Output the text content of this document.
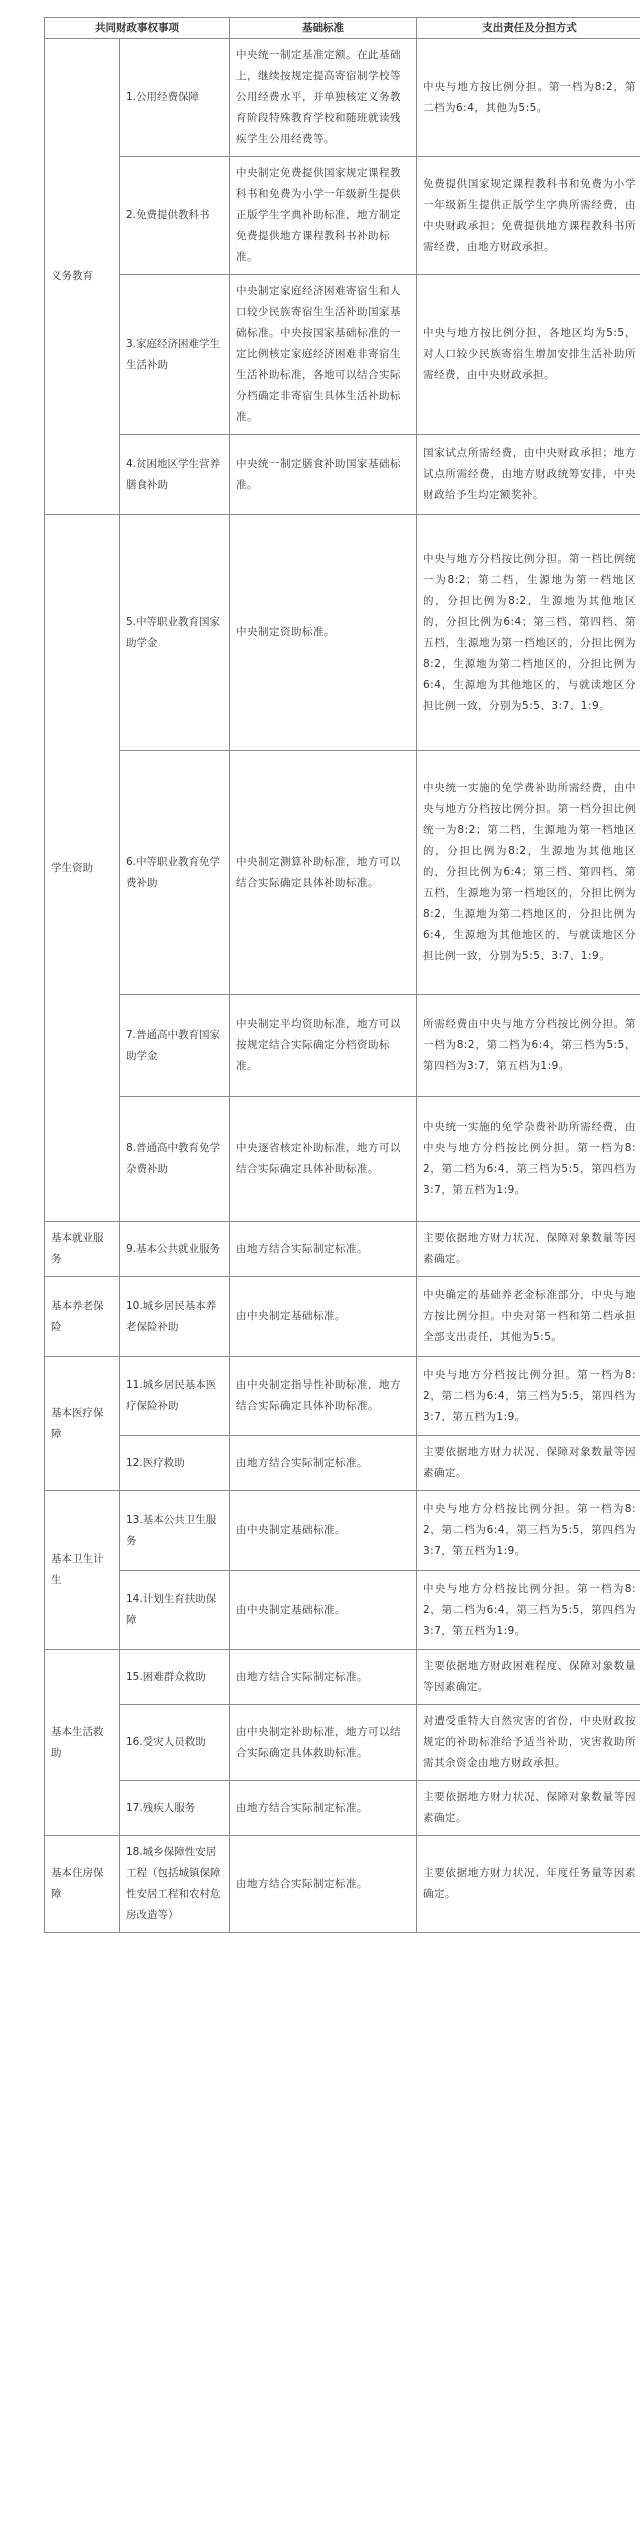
共同财政事权事项		基础标准	支出责任及分担方式
义务教育	1.公用经费保障	中央统一制定基准定额。在此基础上，继续按规定提高寄宿制学校等公用经费水平，并单独核定义务教育阶段特殊教育学校和随班就读残疾学生公用经费等。	中央与地方按比例分担。第一档为8:2，第二档为6:4，其他为5:5。
	2.免费提供教科书	中央制定免费提供国家规定课程教科书和免费为小学一年级新生提供正版学生字典补助标准，地方制定免费提供地方课程教科书补助标准。	免费提供国家规定课程教科书和免费为小学一年级新生提供正版学生字典所需经费，由中央财政承担；免费提供地方课程教科书所需经费，由地方财政承担。
	3.家庭经济困难学生生活补助	中央制定家庭经济困难寄宿生和人口较少民族寄宿生生活补助国家基础标准。中央按国家基础标准的一定比例核定家庭经济困难非寄宿生生活补助标准，各地可以结合实际分档确定非寄宿生具体生活补助标准。	中央与地方按比例分担，各地区均为5:5，对人口较少民族寄宿生增加安排生活补助所需经费，由中央财政承担。
	4.贫困地区学生营养膳食补助	中央统一制定膳食补助国家基础标准。	国家试点所需经费，由中央财政承担；地方试点所需经费，由地方财政统筹安排，中央财政给予生均定额奖补。
学生资助	5.中等职业教育国家助学金	中央制定资助标准。	中央与地方分档按比例分担。第一档比例统一为8:2；第二档，生源地为第一档地区的，分担比例为8:2，生源地为其他地区的，分担比例为6:4；第三档、第四档、第五档，生源地为第一档地区的，分担比例为8:2，生源地为第二档地区的，分担比例为6:4，生源地为其他地区的，与就读地区分担比例一致，分别为5:5、3:7、1:9。
	6.中等职业教育免学费补助	中央制定测算补助标准，地方可以结合实际确定具体补助标准。	中央统一实施的免学费补助所需经费，由中央与地方分档按比例分担。第一档分担比例统一为8:2；第二档，生源地为第一档地区的，分担比例为8:2，生源地为其他地区的，分担比例为6:4；第三档、第四档、第五档，生源地为第一档地区的，分担比例为8:2，生源地为第二档地区的，分担比例为6:4，生源地为其他地区的，与就读地区分担比例一致，分别为5:5、3:7、1:9。
	7.普通高中教育国家助学金	中央制定平均资助标准，地方可以按规定结合实际确定分档资助标准。	所需经费由中央与地方分档按比例分担。第一档为8:2，第二档为6:4，第三档为5:5，第四档为3:7，第五档为1:9。
	8.普通高中教育免学杂费补助	中央逐省核定补助标准，地方可以结合实际确定具体补助标准。	中央统一实施的免学杂费补助所需经费，由中央与地方分档按比例分担。第一档为8:2，第二档为6:4，第三档为5:5，第四档为3:7，第五档为1:9。
基本就业服务	9.基本公共就业服务	由地方结合实际制定标准。	主要依据地方财力状况、保障对象数量等因素确定。
基本养老保险	10.城乡居民基本养老保险补助	由中央制定基础标准。	中央确定的基础养老金标准部分，中央与地方按比例分担。中央对第一档和第二档承担全部支出责任，其他为5:5。
基本医疗保障	11.城乡居民基本医疗保险补助	由中央制定指导性补助标准，地方结合实际确定具体补助标准。	中央与地方分档按比例分担。第一档为8:2，第二档为6:4，第三档为5:5，第四档为3:7，第五档为1:9。
	12.医疗救助	由地方结合实际制定标准。	主要依据地方财力状况、保障对象数量等因素确定。
基本卫生计生	13.基本公共卫生服务	由中央制定基础标准。	中央与地方分档按比例分担。第一档为8:2，第二档为6:4，第三档为5:5，第四档为3:7，第五档为1:9。
	14.计划生育扶助保障	由中央制定基础标准。	中央与地方分档按比例分担。第一档为8:2，第二档为6:4，第三档为5:5，第四档为3:7，第五档为1:9。
基本生活救助	15.困难群众救助	由地方结合实际制定标准。	主要依据地方财政困难程度、保障对象数量等因素确定。
	16.受灾人员救助	由中央制定补助标准，地方可以结合实际确定具体救助标准。	对遭受重特大自然灾害的省份，中央财政按规定的补助标准给予适当补助，灾害救助所需其余资金由地方财政承担。
	17.残疾人服务	由地方结合实际制定标准。	主要依据地方财力状况、保障对象数量等因素确定。
基本住房保障	18.城乡保障性安居工程（包括城镇保障性安居工程和农村危房改造等）	由地方结合实际制定标准。	主要依据地方财力状况、年度任务量等因素确定。
